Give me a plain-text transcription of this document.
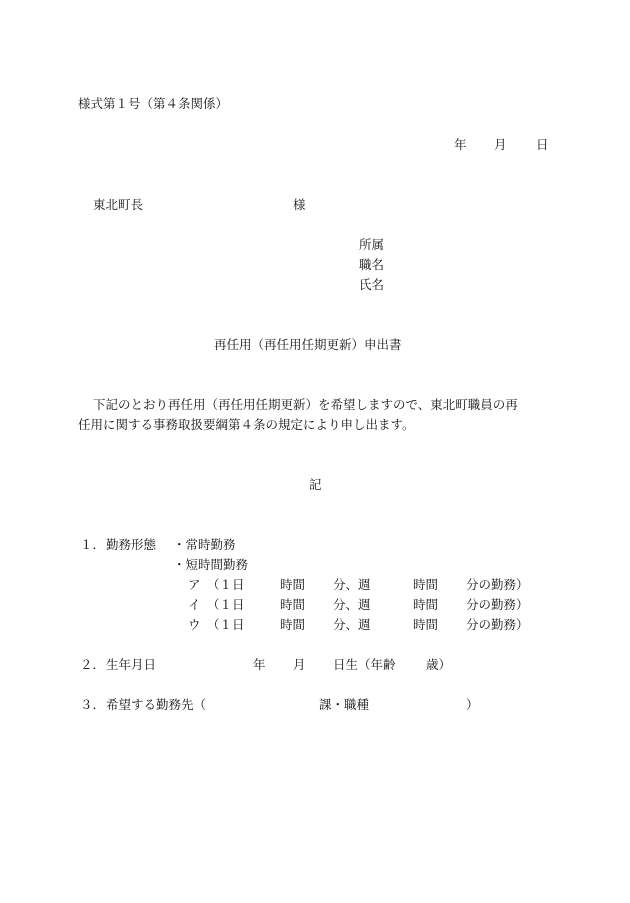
様式第１号（第４条関係）
年 月 日
東北町長	様
所属
職名
氏名
再任用（再任用任期更新）申出書
下記のとおり再任用（再任用任期更新）を希望しますので、東北町職員の再
任用に関する事務取扱要綱第４条の規定により申し出ます。
記
１． 勤務形態 ・常時勤務
・短時間勤務
ア （１日	時間 分、週	時間 分の勤務）
イ （１日	時間 分、週	時間 分の勤務）
ウ （１日	時間 分、週	時間 分の勤務）
２． 生年月日	年 月 日生（年齢 歳）
３． 希望する勤務先（	課・職種	）
